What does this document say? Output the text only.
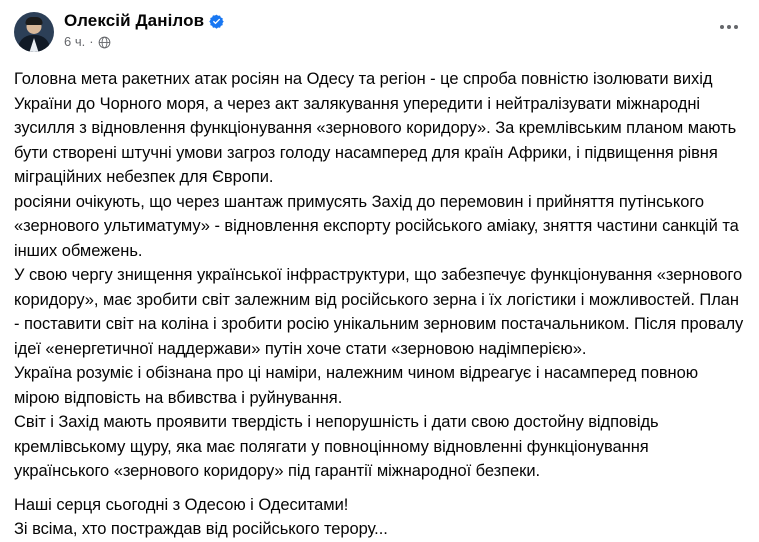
Олексій Данілов
6 ч. ·

Головна мета ракетних атак росіян на Одесу та регіон - це спроба повністю ізолювати вихід України до Чорного моря, а через акт залякування упередити і нейтралізувати міжнародні зусилля з відновлення функціонування «зернового коридору». За кремлівським планом мають бути створені штучні умови загроз голоду насамперед для країн Африки, і підвищення рівня міграційних небезпек для Європи.

росіяни очікують, що через шантаж примусять Захід до перемовин і прийняття путінського «зернового ультиматуму» - відновлення експорту російського аміаку, зняття частини санкцій та інших обмежень.

У свою чергу знищення української інфраструктури, що забезпечує функціонування «зернового коридору», має зробити світ залежним від російського зерна і їх логістики і можливостей. План - поставити світ на коліна і зробити росію унікальним зерновим постачальником. Після провалу ідеї «енергетичної наддержави» путін хоче стати «зерновою надімперією».

Україна розуміє і обізнана про ці наміри, належним чином відреагує і насамперед повною мірою відповість на вбивства і руйнування.

Світ і Захід мають проявити твердість і непорушність і дати свою достойну відповідь кремлівському щуру, яка має полягати у повноцінному відновленні функціонування українського «зернового коридору» під гарантії міжнародної безпеки.

Наші серця сьогодні з Одесою і Одеситами!

Зі всіма, хто постраждав від російського терору...
